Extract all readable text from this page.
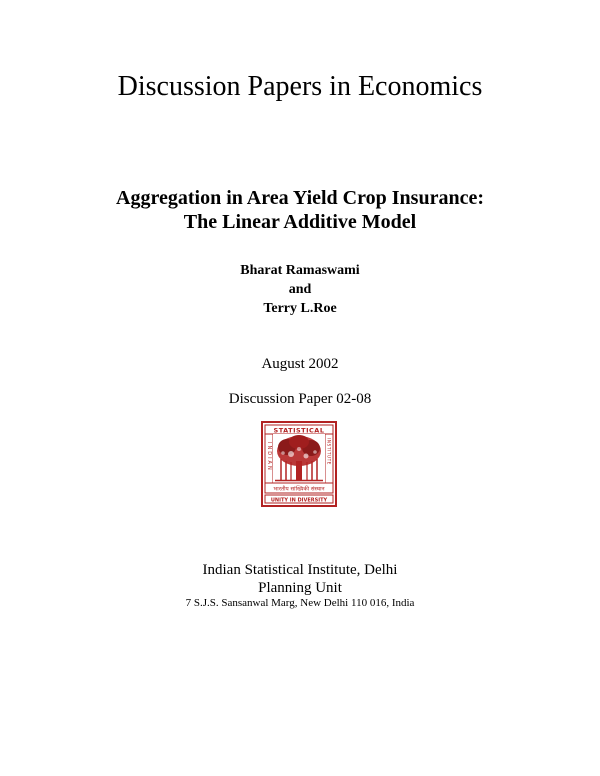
Discussion Papers in Economics
Aggregation in Area Yield Crop Insurance:
The Linear Additive Model
Bharat Ramaswami
and
Terry L.Roe
August 2002
Discussion Paper 02-08
STATISTICAL
INDIAN	INSTITUTE
भारतीय सांख्यिकी संस्थान
UNITY IN DIVERSITY
Indian Statistical Institute, Delhi
Planning Unit
7 S.J.S. Sansanwal Marg, New Delhi 110 016, India
